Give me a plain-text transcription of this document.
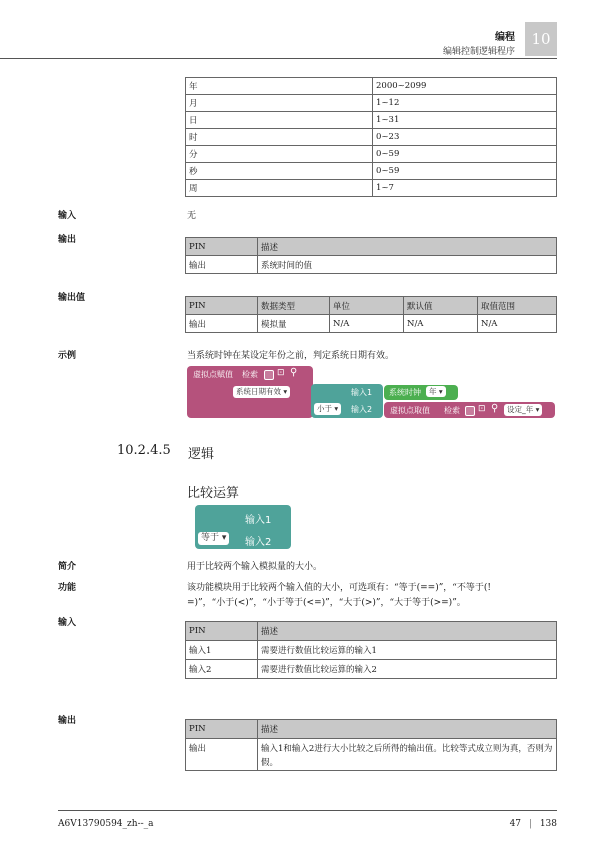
编程
编辑控制逻辑程序
10
年	2000~2099
月	1~12
日	1~31
时	0~23
分	0~59
秒	0~59
周	1~7
输入	无
输出
PIN	描述
输出	系统时间的值
输出值
PIN	数据类型	单位	默认值	取值范围
输出	模拟量	N/A	N/A	N/A
示例	当系统时钟在某设定年份之前，判定系统日期有效。
虚拟点赋值 检索 ⊡ ⚲
系统日期有效 ▾	输入1
小于 ▾	输入2
系统时钟	年 ▾
虚拟点取值 检索 ⊡ ⚲	设定_年 ▾
10.2.4.5 逻辑
比较运算
输入1
等于 ▾	输入2
简介	用于比较两个输入模拟量的大小。
功能	该功能模块用于比较两个输入值的大小，可选项有：“等于(==)”，“不等于(!
=)”，“小于(<)”，“小于等于(<=)”，“大于(>)”，“大于等于(>=)”。
输入
PIN	描述
输入1	需要进行数值比较运算的输入1
输入2	需要进行数值比较运算的输入2
输出
PIN	描述
输出	输入1和输入2进行大小比较之后所得的输出值。比较等式成立则为真，否则为假。
A6V13790594_zh--_a	47 | 138
